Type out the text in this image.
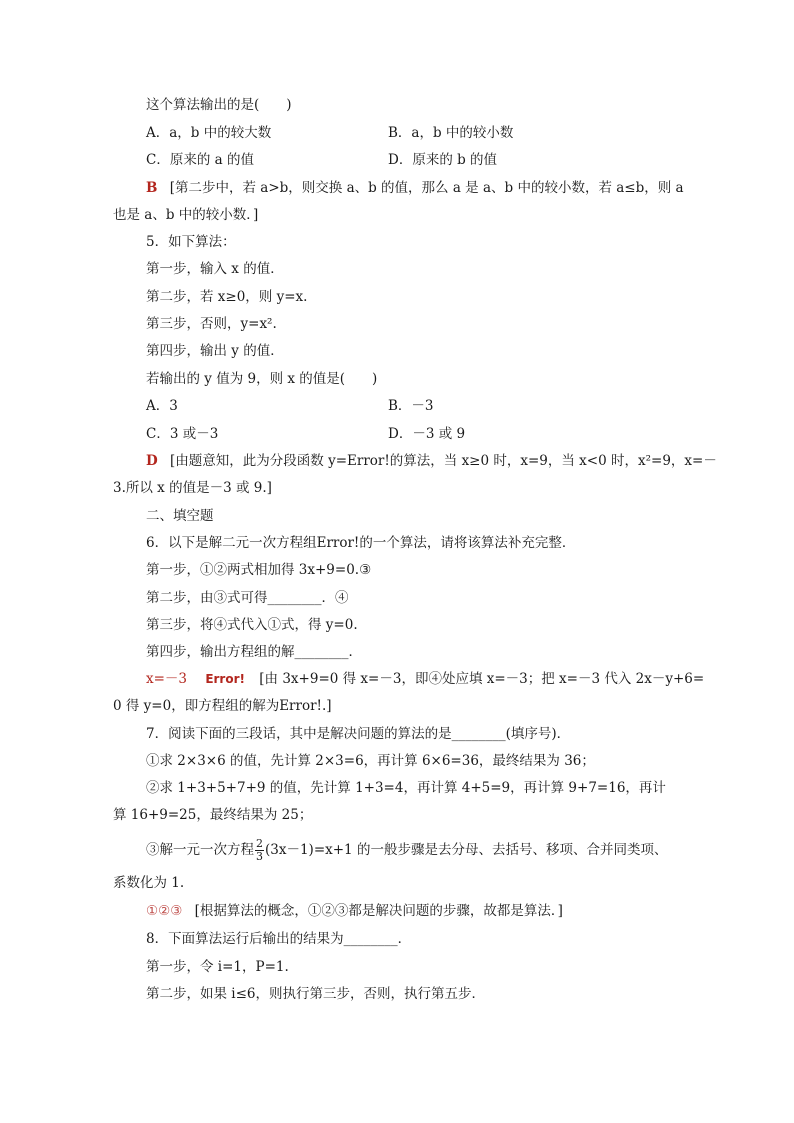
这个算法输出的是(　　)
A．a，b 中的较大数	B．a，b 中的较小数
C．原来的 a 的值	D．原来的 b 的值
B [第二步中，若 a>b，则交换 a、b 的值，那么 a 是 a、b 中的较小数，若 a≤b，则 a
也是 a、b 中的较小数．]
5．如下算法：
第一步，输入 x 的值．
第二步，若 x≥0，则 y=x.
第三步，否则，y=x².
第四步，输出 y 的值．
若输出的 y 值为 9，则 x 的值是(　　)
A．3	B．－3
C．3 或－3	D．－3 或 9
D [由题意知，此为分段函数 y=Error!的算法，当 x≥0 时，x=9，当 x<0 时，x²=9，x=－
3.所以 x 的值是－3 或 9.]
二、填空题
6．以下是解二元一次方程组Error!的一个算法，请将该算法补充完整．
第一步，①②两式相加得 3x+9=0.③
第二步，由③式可得________．④
第三步，将④式代入①式，得 y=0.
第四步，输出方程组的解________．
x=－3 Error! [由 3x+9=0 得 x=－3，即④处应填 x=－3；把 x=－3 代入 2x－y+6=
0 得 y=0，即方程组的解为Error!.]
7．阅读下面的三段话，其中是解决问题的算法的是________(填序号)．
①求 2×3×6 的值，先计算 2×3=6，再计算 6×6=36，最终结果为 36；
②求 1+3+5+7+9 的值，先计算 1+3=4，再计算 4+5=9，再计算 9+7=16，再计
算 16+9=25，最终结果为 25；
③解一元一次方程 $\frac{2}{3} (3x-1)=x+1$ 的一般步骤是去分母、去括号、移项、合并同类项、
系数化为 1.
①②③ [根据算法的概念，①②③都是解决问题的步骤，故都是算法．]
8．下面算法运行后输出的结果为________．
第一步，令 i=1，P=1.
第二步，如果 i≤6，则执行第三步，否则，执行第五步．
